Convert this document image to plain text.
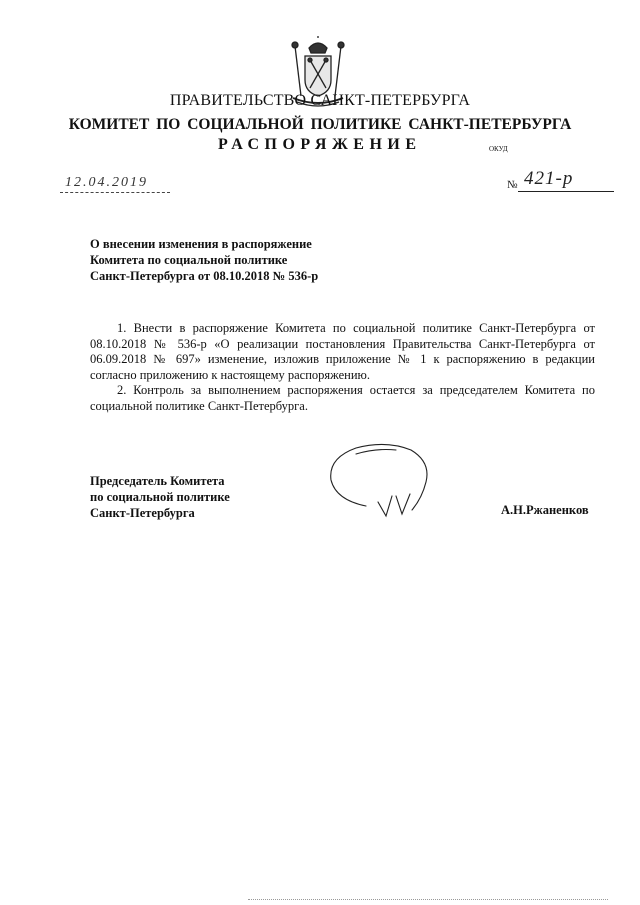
ПРАВИТЕЛЬСТВО САНКТ-ПЕТЕРБУРГА
КОМИТЕТ ПО СОЦИАЛЬНОЙ ПОЛИТИКЕ САНКТ-ПЕТЕРБУРГА
РАСПОРЯЖЕНИЕ	ОКУД
12.04.2019	№ 421-р
О внесении изменения в распоряжение
Комитета по социальной политике
Санкт-Петербурга от 08.10.2018 № 536-р

1. Внести в распоряжение Комитета по социальной политике Санкт-Петербурга от 08.10.2018 № 536-р «О реализации постановления Правительства Санкт-Петербурга от 06.09.2018 № 697» изменение, изложив приложение № 1 к распоряжению в редакции согласно приложению к настоящему распоряжению.

2. Контроль за выполнением распоряжения остается за председателем Комитета по социальной политике Санкт-Петербурга.

Председатель Комитета
по социальной политике
Санкт-Петербурга	А.Н.Ржаненков
